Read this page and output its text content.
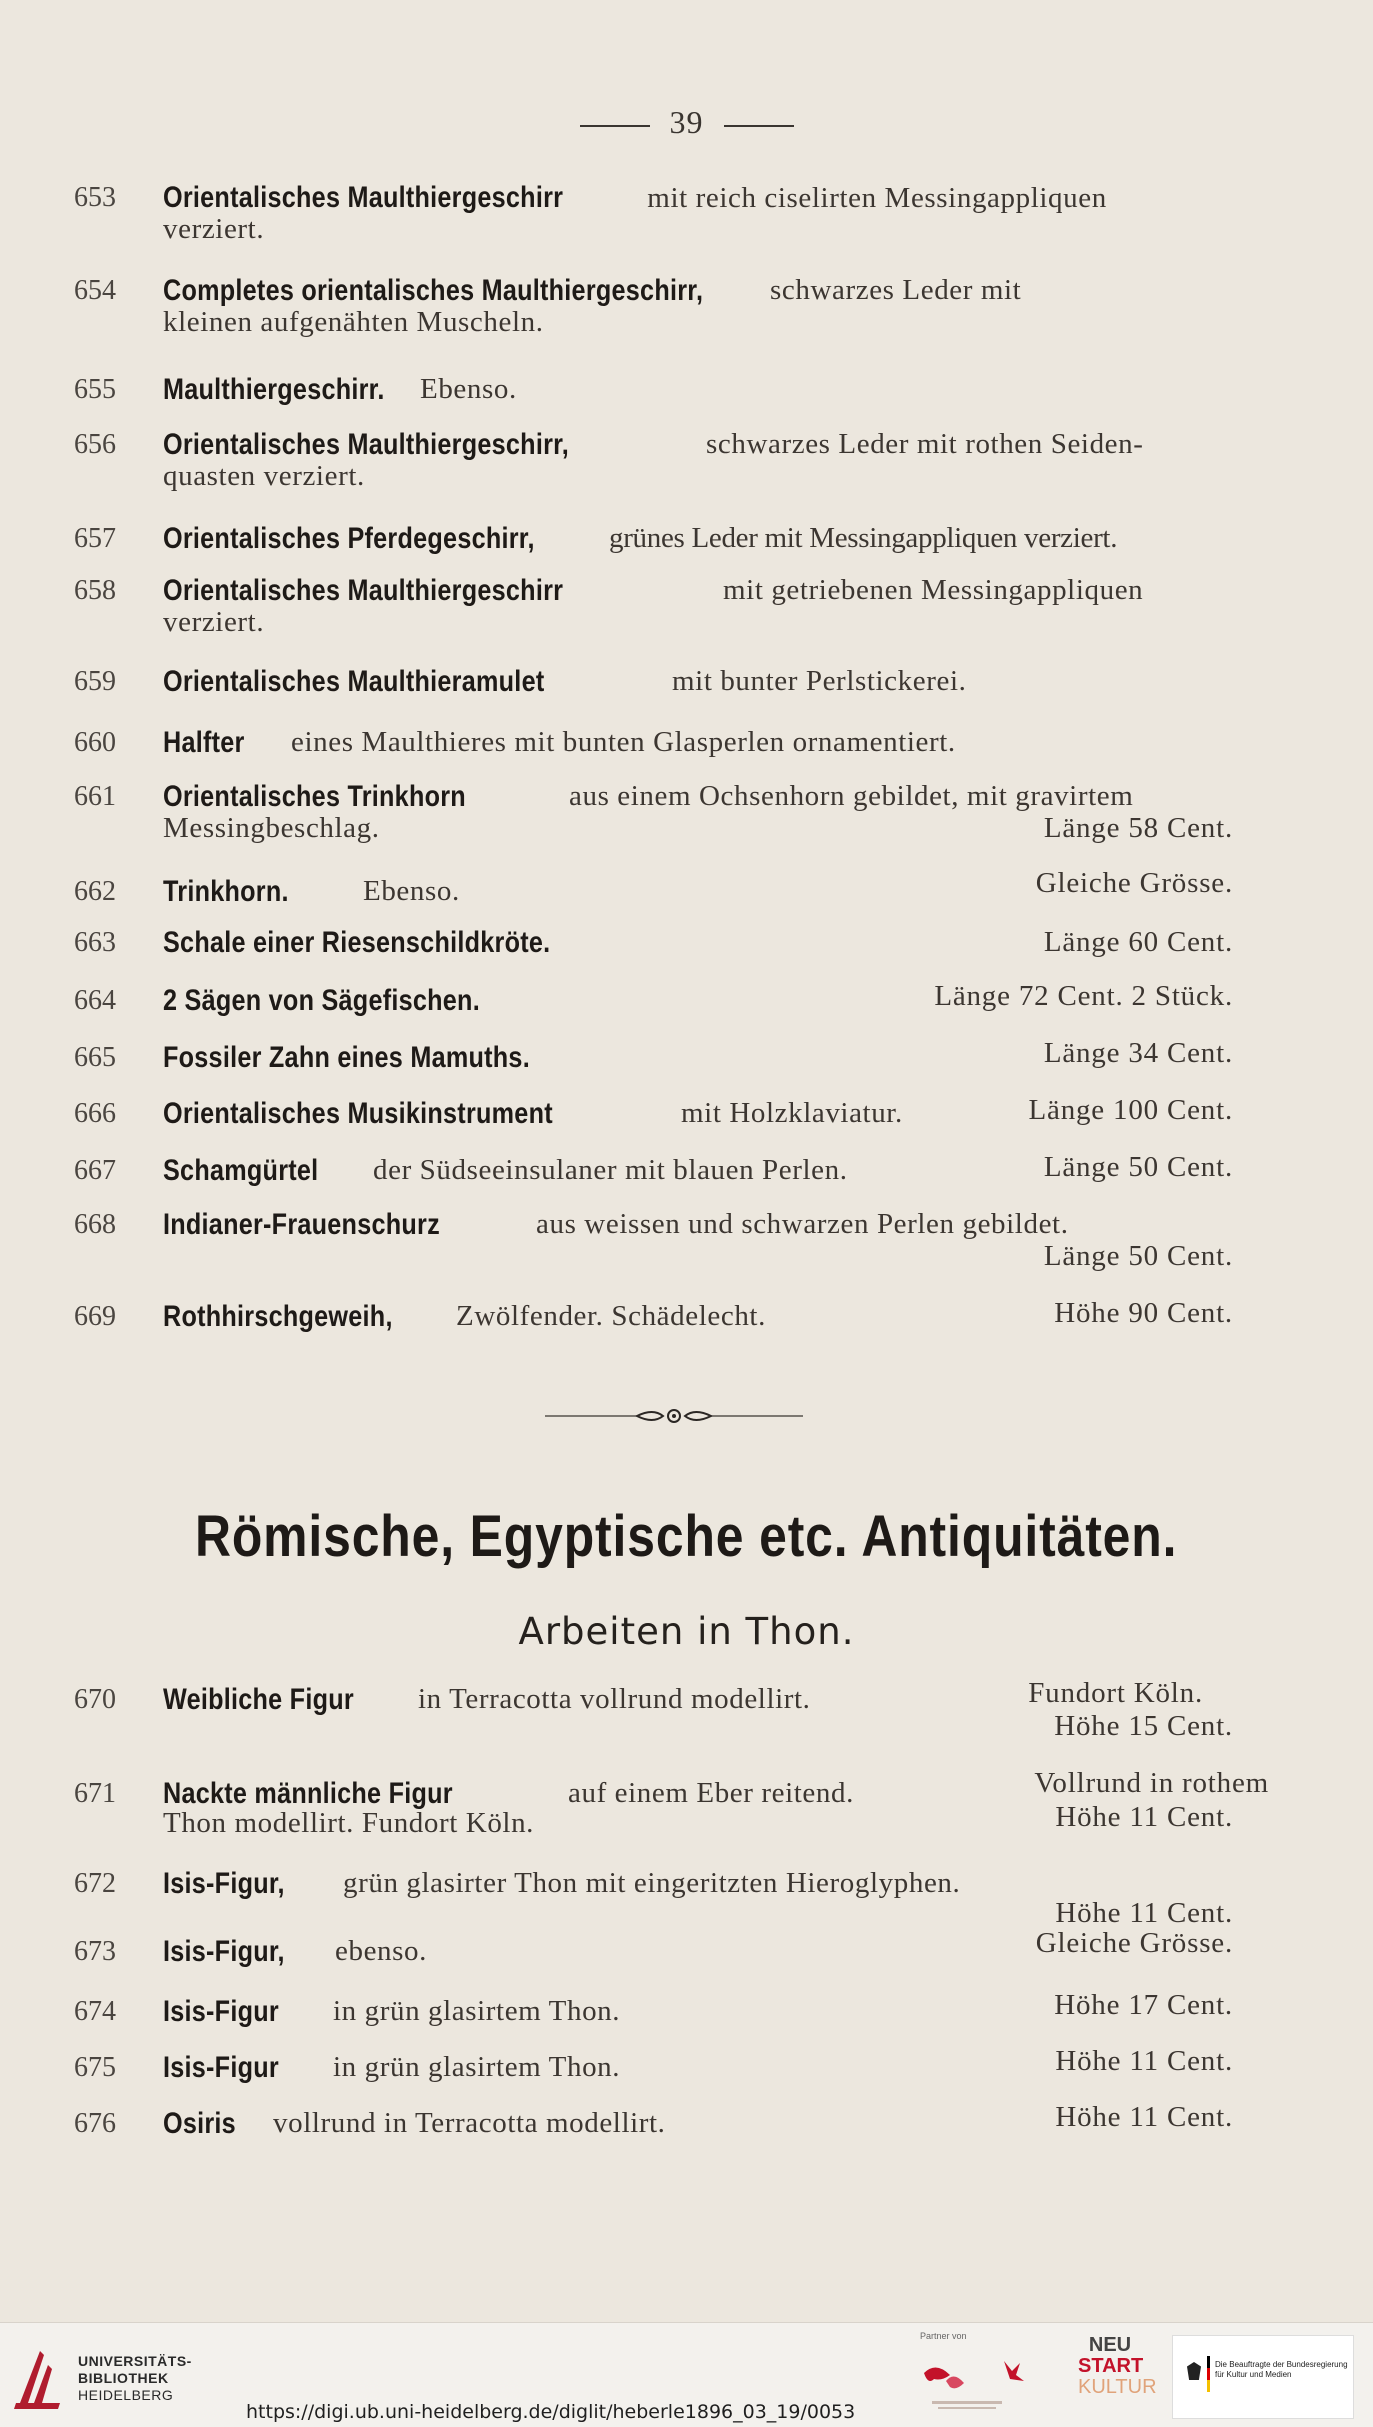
39
653 Orientalisches Maulthiergeschirr	mit reich ciselirten Messingappliquen
verziert.
654 Completes orientalisches Maulthiergeschirr, schwarzes Leder mit
kleinen aufgenähten Muscheln.
655 Maulthiergeschirr. Ebenso.
656 Orientalisches Maulthiergeschirr,	schwarzes Leder mit rothen Seiden-
quasten verziert.
657 Orientalisches Pferdegeschirr,	grünes Leder mit Messingappliquen verziert.
658 Orientalisches Maulthiergeschirr	mit getriebenen Messingappliquen
verziert.
659 Orientalisches Maulthieramulet	mit bunter Perlstickerei.
660 Halfter eines Maulthieres mit bunten Glasperlen ornamentiert.
661 Orientalisches Trinkhorn	aus einem Ochsenhorn gebildet, mit gravirtem
Messingbeschlag.	Länge 58 Cent.
662 Trinkhorn.	Ebenso.	Gleiche Grösse.
663 Schale einer Riesenschildkröte.	Länge 60 Cent.
664 2 Sägen von Sägefischen.	Länge 72 Cent. 2 Stück.
665 Fossiler Zahn eines Mamuths.	Länge 34 Cent.
666 Orientalisches Musikinstrument	mit Holzklaviatur.	Länge 100 Cent.
667 Schamgürtel der Südseeinsulaner mit blauen Perlen.	Länge 50 Cent.
668 Indianer-Frauenschurz	aus weissen und schwarzen Perlen gebildet.
Länge 50 Cent.
669 Rothhirschgeweih, Zwölfender. Schädelecht.	Höhe 90 Cent.
Römische, Egyptische etc. Antiquitäten.
Arbeiten in Thon.
670 Weibliche Figur in Terracotta vollrund modellirt.	Fundort Köln.
Höhe 15 Cent.
671 Nackte männliche Figur	auf einem Eber reitend.	Vollrund in rothem
Thon modellirt. Fundort Köln.	Höhe 11 Cent.
672 Isis-Figur, grün glasirter Thon mit eingeritzten Hieroglyphen.
Höhe 11 Cent.
673 Isis-Figur, ebenso.	Gleiche Grösse.
674 Isis-Figur in grün glasirtem Thon.	Höhe 17 Cent.
675 Isis-Figur in grün glasirtem Thon.	Höhe 11 Cent.
676 Osiris vollrund in Terracotta modellirt.	Höhe 11 Cent.
UNIVERSITÄTS-
BIBLIOTHEK
HEIDELBERG
https://digi.ub.uni-heidelberg.de/diglit/heberle1896_03_19/0053
Partner von	NEU
START
KULTUR
Die Beauftragte der Bundesregierung für Kultur und Medien
